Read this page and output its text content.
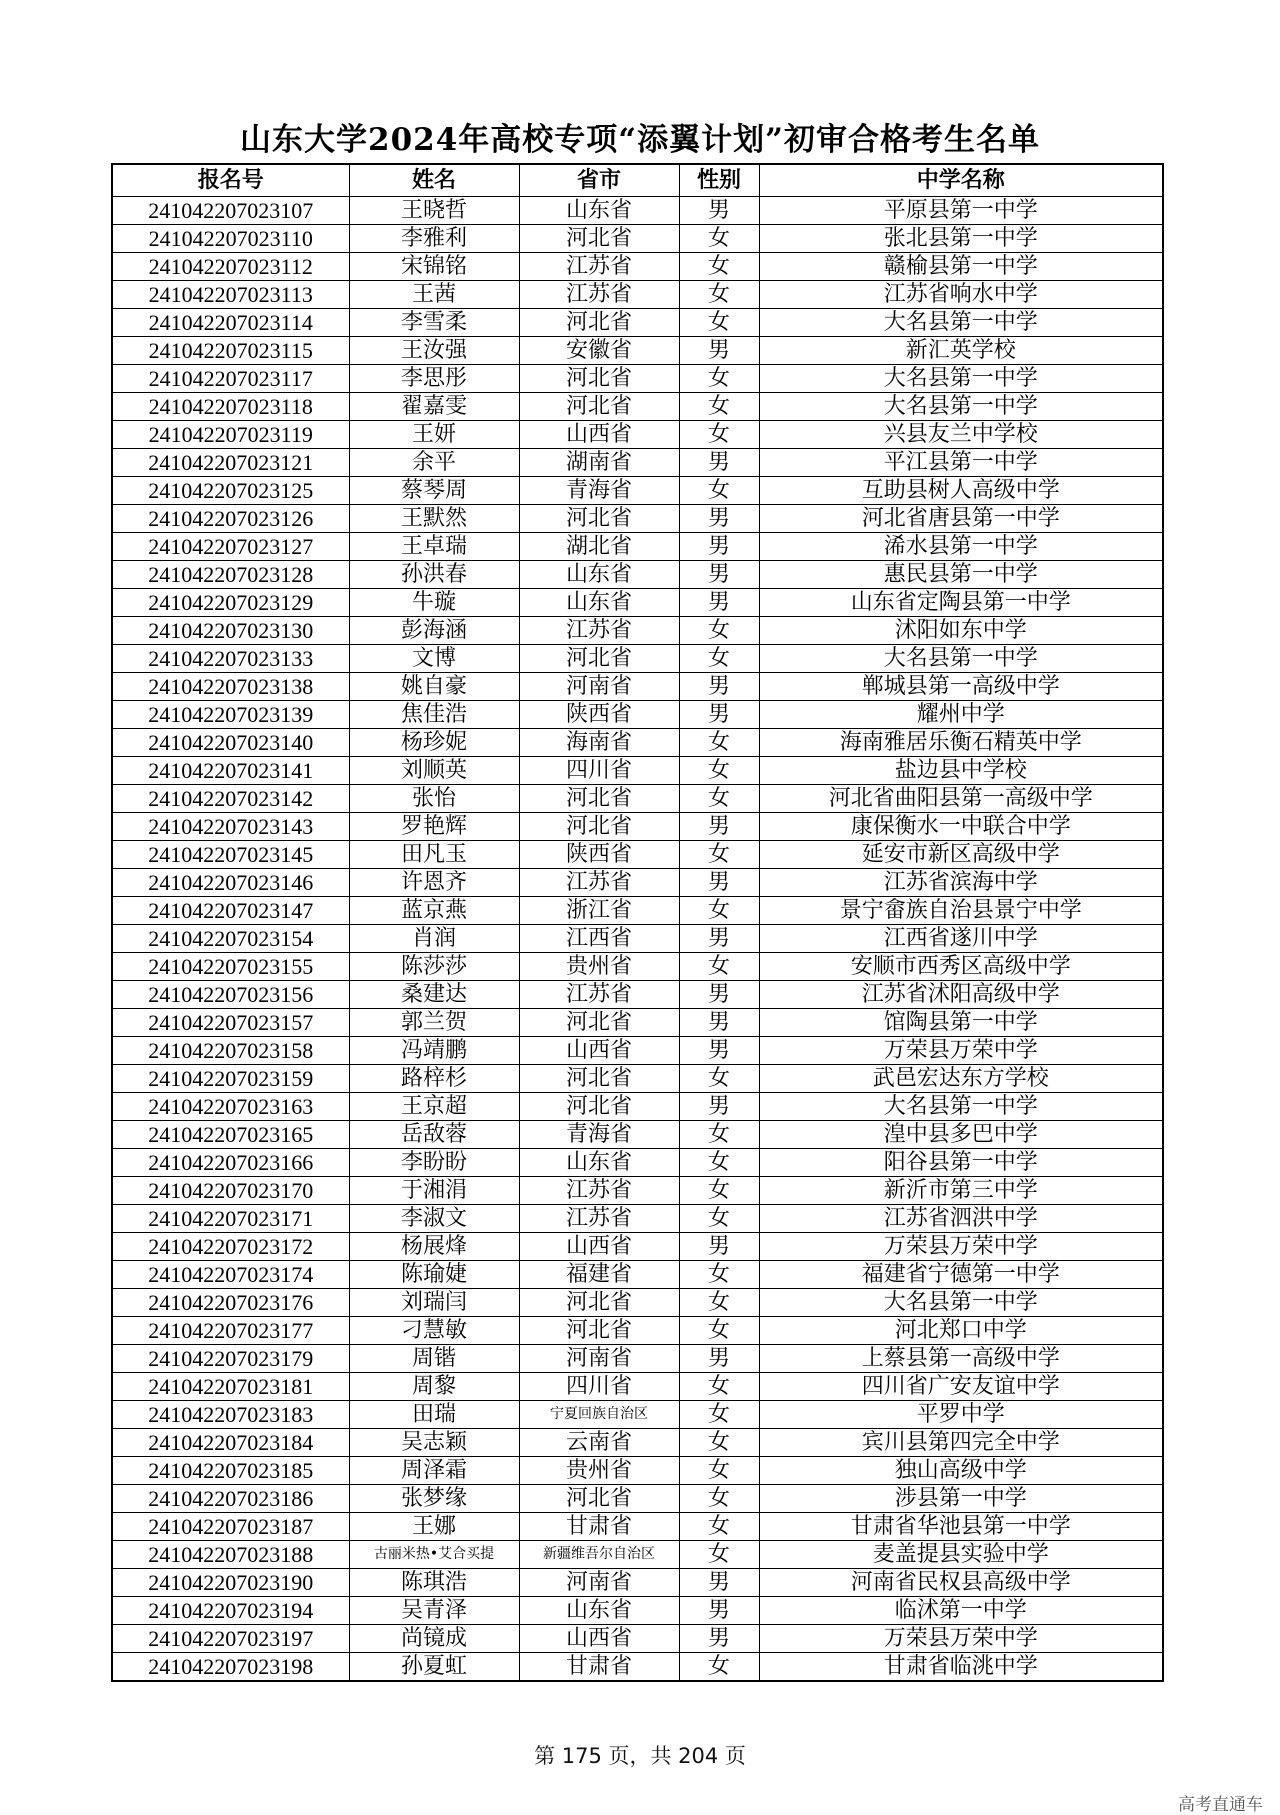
山东大学2024年高校专项“添翼计划”初审合格考生名单
报名号	姓名	省市	性别	中学名称
241042207023107	王晓哲	山东省	男	平原县第一中学
241042207023110	李雅利	河北省	女	张北县第一中学
241042207023112	宋锦铭	江苏省	女	赣榆县第一中学
241042207023113	王茜	江苏省	女	江苏省响水中学
241042207023114	李雪柔	河北省	女	大名县第一中学
241042207023115	王汝强	安徽省	男	新汇英学校
241042207023117	李思彤	河北省	女	大名县第一中学
241042207023118	翟嘉雯	河北省	女	大名县第一中学
241042207023119	王妍	山西省	女	兴县友兰中学校
241042207023121	余平	湖南省	男	平江县第一中学
241042207023125	蔡琴周	青海省	女	互助县树人高级中学
241042207023126	王默然	河北省	男	河北省唐县第一中学
241042207023127	王卓瑞	湖北省	男	浠水县第一中学
241042207023128	孙洪春	山东省	男	惠民县第一中学
241042207023129	牛璇	山东省	男	山东省定陶县第一中学
241042207023130	彭海涵	江苏省	女	沭阳如东中学
241042207023133	文博	河北省	女	大名县第一中学
241042207023138	姚自豪	河南省	男	郸城县第一高级中学
241042207023139	焦佳浩	陕西省	男	耀州中学
241042207023140	杨珍妮	海南省	女	海南雅居乐衡石精英中学
241042207023141	刘顺英	四川省	女	盐边县中学校
241042207023142	张怡	河北省	女	河北省曲阳县第一高级中学
241042207023143	罗艳辉	河北省	男	康保衡水一中联合中学
241042207023145	田凡玉	陕西省	女	延安市新区高级中学
241042207023146	许恩齐	江苏省	男	江苏省滨海中学
241042207023147	蓝京燕	浙江省	女	景宁畲族自治县景宁中学
241042207023154	肖润	江西省	男	江西省遂川中学
241042207023155	陈莎莎	贵州省	女	安顺市西秀区高级中学
241042207023156	桑建达	江苏省	男	江苏省沭阳高级中学
241042207023157	郭兰贺	河北省	男	馆陶县第一中学
241042207023158	冯靖鹏	山西省	男	万荣县万荣中学
241042207023159	路梓杉	河北省	女	武邑宏达东方学校
241042207023163	王京超	河北省	男	大名县第一中学
241042207023165	岳敌蓉	青海省	女	湟中县多巴中学
241042207023166	李盼盼	山东省	女	阳谷县第一中学
241042207023170	于湘涓	江苏省	女	新沂市第三中学
241042207023171	李淑文	江苏省	女	江苏省泗洪中学
241042207023172	杨展烽	山西省	男	万荣县万荣中学
241042207023174	陈瑜婕	福建省	女	福建省宁德第一中学
241042207023176	刘瑞闫	河北省	女	大名县第一中学
241042207023177	刁慧敏	河北省	女	河北郑口中学
241042207023179	周锴	河南省	男	上蔡县第一高级中学
241042207023181	周黎	四川省	女	四川省广安友谊中学
241042207023183	田瑞	宁夏回族自治区	女	平罗中学
241042207023184	吴志颖	云南省	女	宾川县第四完全中学
241042207023185	周泽霜	贵州省	女	独山高级中学
241042207023186	张梦缘	河北省	女	涉县第一中学
241042207023187	王娜	甘肃省	女	甘肃省华池县第一中学
241042207023188	古丽米热•艾合买提	新疆维吾尔自治区	女	麦盖提县实验中学
241042207023190	陈琪浩	河南省	男	河南省民权县高级中学
241042207023194	吴青泽	山东省	男	临沭第一中学
241042207023197	尚镜成	山西省	男	万荣县万荣中学
241042207023198	孙夏虹	甘肃省	女	甘肃省临洮中学
第 175 页，共 204 页
高考直通车
